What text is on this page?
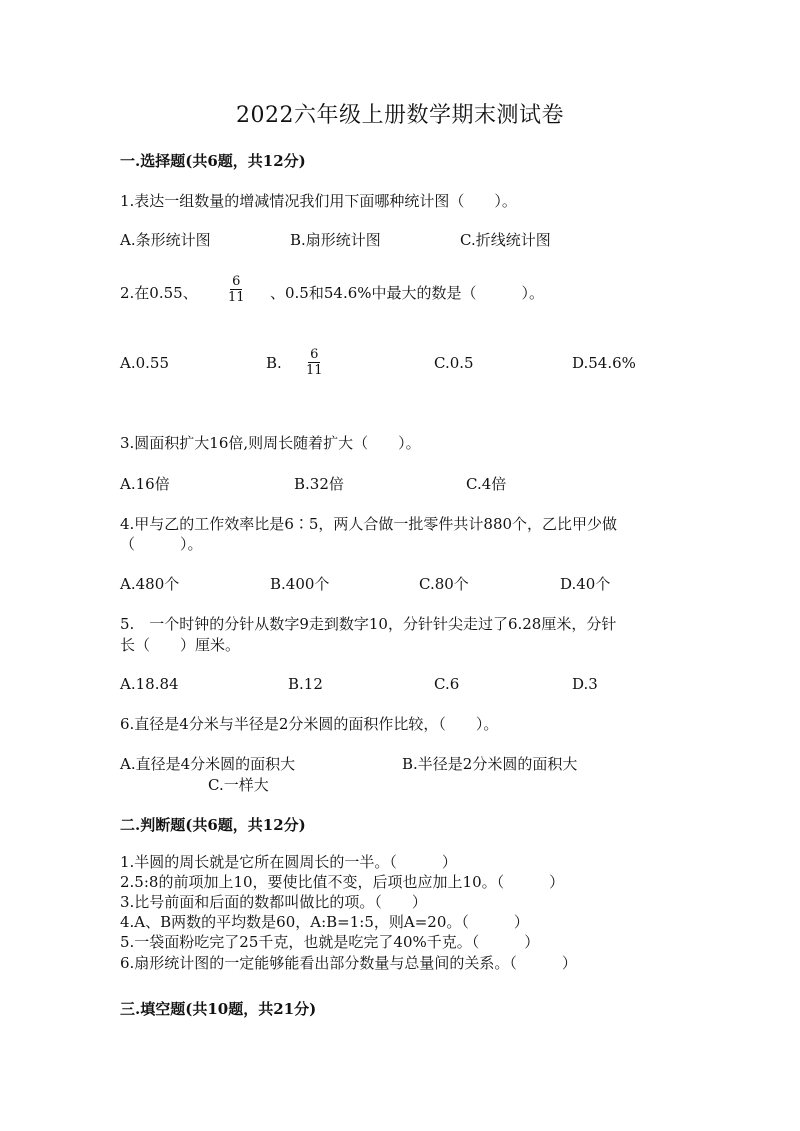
2022六年级上册数学期末测试卷
一.选择题(共6题，共12分)
1.表达一组数量的增减情况我们用下面哪种统计图（　　）。
A.条形统计图	B.扇形统计图	C.折线统计图
2.在0.55、 $\frac{6}{11}$ 、0.5和54.6%中最大的数是（　　　）。
A.0.55	B. $\frac{6}{11}$	C.0.5	D.54.6%
3.圆面积扩大16倍,则周长随着扩大（　　）。
A.16倍	B.32倍	C.4倍
4.甲与乙的工作效率比是6∶5，两人合做一批零件共计880个，乙比甲少做
（　　　）。
A.480个	B.400个	C.80个	D.40个
5.　一个时钟的分针从数字9走到数字10，分针针尖走过了6.28厘米，分针
长（　　）厘米。
A.18.84	B.12	C.6	D.3
6.直径是4分米与半径是2分米圆的面积作比较，（　　）。
A.直径是4分米圆的面积大	B.半径是2分米圆的面积大
C.一样大
二.判断题(共6题，共12分)
1.半圆的周长就是它所在圆周长的一半。（　　　）
2.5:8的前项加上10，要使比值不变，后项也应加上10。（　　　）
3.比号前面和后面的数都叫做比的项。（　　）
4.A、B两数的平均数是60，A:B=1:5，则A=20。（　　　）
5.一袋面粉吃完了25千克，也就是吃完了40%千克。（　　　）
6.扇形统计图的一定能够能看出部分数量与总量间的关系。（　　　）
三.填空题(共10题，共21分)
